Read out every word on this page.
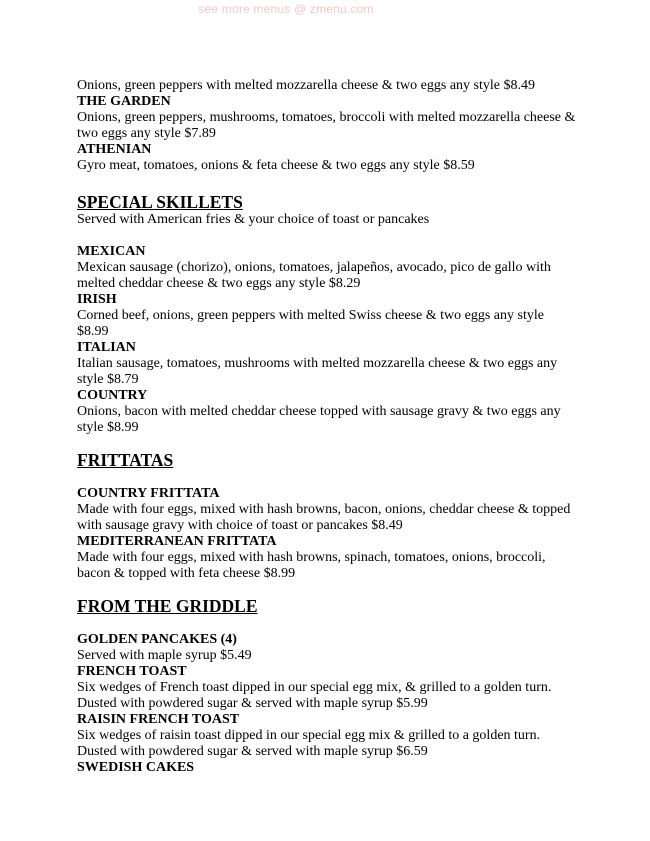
see more menus @ zmenu.com
Onions, green peppers with melted mozzarella cheese & two eggs any style $8.49
THE GARDEN
Onions, green peppers, mushrooms, tomatoes, broccoli with melted mozzarella cheese &
two eggs any style $7.89
ATHENIAN
Gyro meat, tomatoes, onions & feta cheese & two eggs any style $8.59
SPECIAL SKILLETS
Served with American fries & your choice of toast or pancakes
MEXICAN
Mexican sausage (chorizo), onions, tomatoes, jalapeños, avocado, pico de gallo with
melted cheddar cheese & two eggs any style $8.29
IRISH
Corned beef, onions, green peppers with melted Swiss cheese & two eggs any style $8.99
ITALIAN
Italian sausage, tomatoes, mushrooms with melted mozzarella cheese & two eggs any
style $8.79
COUNTRY
Onions, bacon with melted cheddar cheese topped with sausage gravy & two eggs any
style $8.99
FRITTATAS
COUNTRY FRITTATA
Made with four eggs, mixed with hash browns, bacon, onions, cheddar cheese & topped
with sausage gravy with choice of toast or pancakes $8.49
MEDITERRANEAN FRITTATA
Made with four eggs, mixed with hash browns, spinach, tomatoes, onions, broccoli,
bacon & topped with feta cheese $8.99
FROM THE GRIDDLE
GOLDEN PANCAKES (4)
Served with maple syrup $5.49
FRENCH TOAST
Six wedges of French toast dipped in our special egg mix, & grilled to a golden turn.
Dusted with powdered sugar & served with maple syrup $5.99
RAISIN FRENCH TOAST
Six wedges of raisin toast dipped in our special egg mix & grilled to a golden turn.
Dusted with powdered sugar & served with maple syrup $6.59
SWEDISH CAKES
